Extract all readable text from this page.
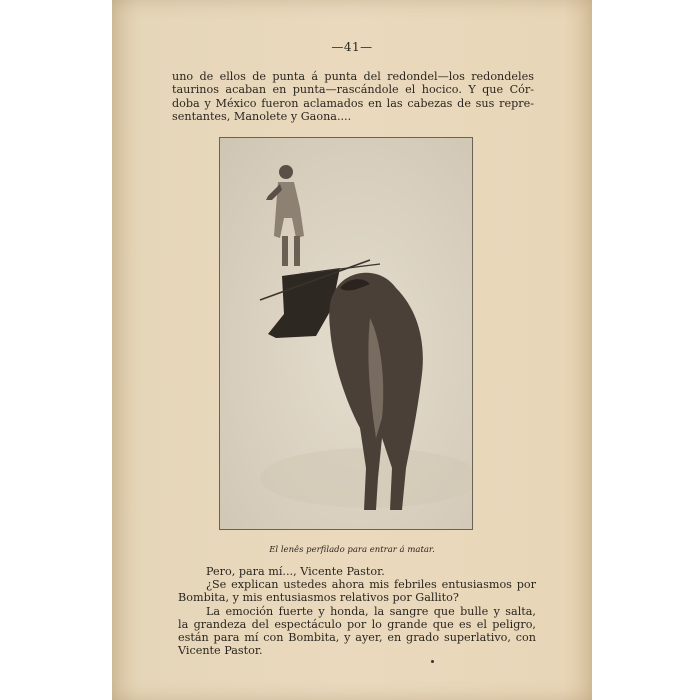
—41—

uno de ellos de punta á punta del redondel—los redondeles
taurinos acaban en punta—rascándole el hocico. Y que Cór-
doba y México fueron aclamados en las cabezas de sus repre-
sentantes, Manolete y Gaona....

El lenês perfilado para entrar á matar.

Pero, para mí..., Vicente Pastor.
¿Se explican ustedes ahora mis febriles entusiasmos por
Bombita, y mis entusiasmos relativos por Gallito?
La emoción fuerte y honda, la sangre que bulle y salta,
la grandeza del espectáculo por lo grande que es el peligro,
están para mí con Bombita, y ayer, en grado superlativo, con
Vicente Pastor.
